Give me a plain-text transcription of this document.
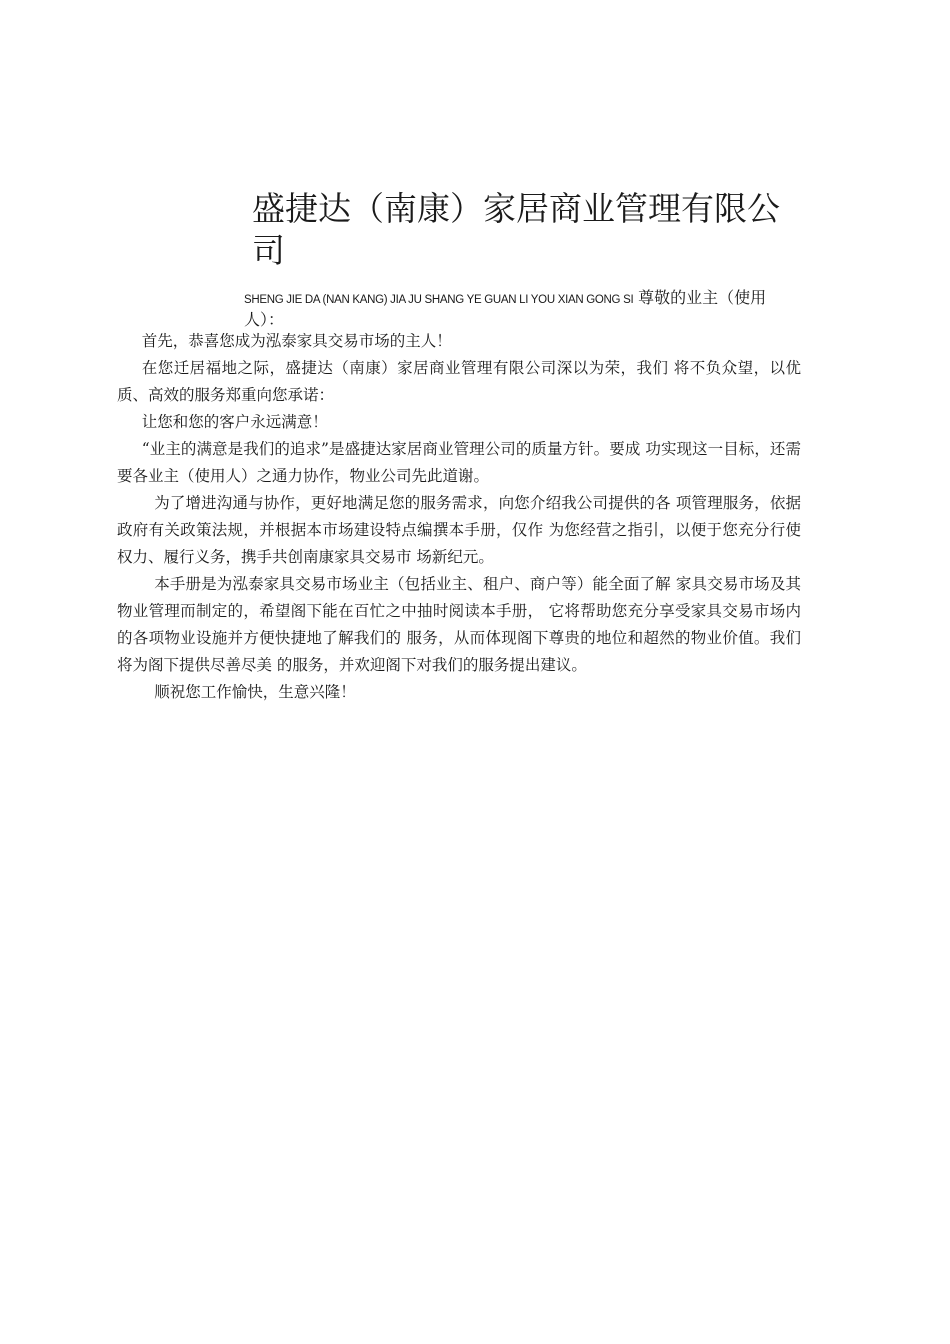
盛捷达（南康）家居商业管理有限公司
SHENG JIE DA (NAN KANG) JIA JU SHANG YE GUAN LI YOU XIAN GONG SI 尊敬的业主（使用人）：

首先，恭喜您成为泓泰家具交易市场的主人！

在您迁居福地之际，盛捷达（南康）家居商业管理有限公司深以为荣，我们 将不负众望，以优质、高效的服务郑重向您承诺：

让您和您的客户永远满意！

“业主的满意是我们的追求”是盛捷达家居商业管理公司的质量方针。要成 功实现这一目标，还需要各业主（使用人）之通力协作，物业公司先此道谢。

为了增进沟通与协作，更好地满足您的服务需求，向您介绍我公司提供的各 项管理服务，依据政府有关政策法规，并根据本市场建设特点编撰本手册，仅作 为您经营之指引，以便于您充分行使权力、履行义务，携手共创南康家具交易市 场新纪元。

本手册是为泓泰家具交易市场业主（包括业主、租户、商户等）能全面了解 家具交易市场及其物业管理而制定的，希望阁下能在百忙之中抽时阅读本手册， 它将帮助您充分享受家具交易市场内的各项物业设施并方便快捷地了解我们的 服务，从而体现阁下尊贵的地位和超然的物业价值。我们将为阁下提供尽善尽美 的服务，并欢迎阁下对我们的服务提出建议。

顺祝您工作愉快，生意兴隆！
